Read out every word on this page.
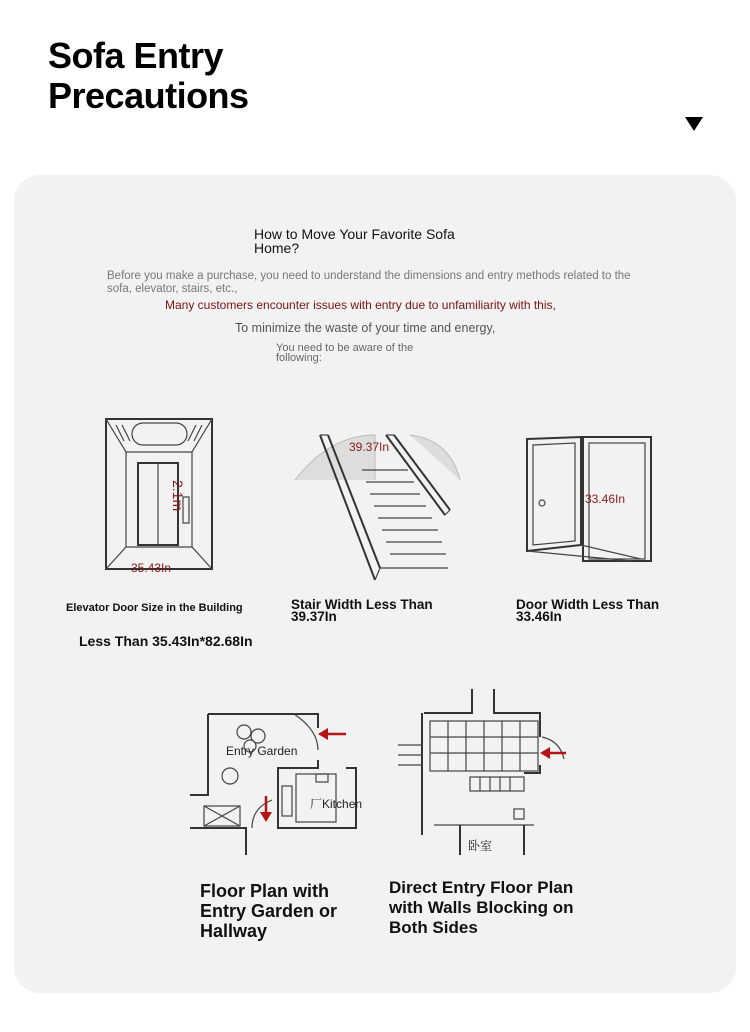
Sofa Entry
Precautions
How to Move Your Favorite Sofa Home?
Before you make a purchase, you need to understand the dimensions and entry methods related to the sofa, elevator, stairs, etc.,
Many customers encounter issues with entry due to unfamiliarity with this,
To minimize the waste of your time and energy,
You need to be aware of the following:
35.43In
2.1m
Elevator Door Size in the Building
Less Than 35.43In*82.68In
39.37In
Stair Width Less Than
39.37In
33.46In
Door Width Less Than
33.46In
Entry Garden
厂Kitchen
Floor Plan with
Entry Garden or
Hallway
卧室
Direct Entry Floor Plan
with Walls Blocking on
Both Sides
